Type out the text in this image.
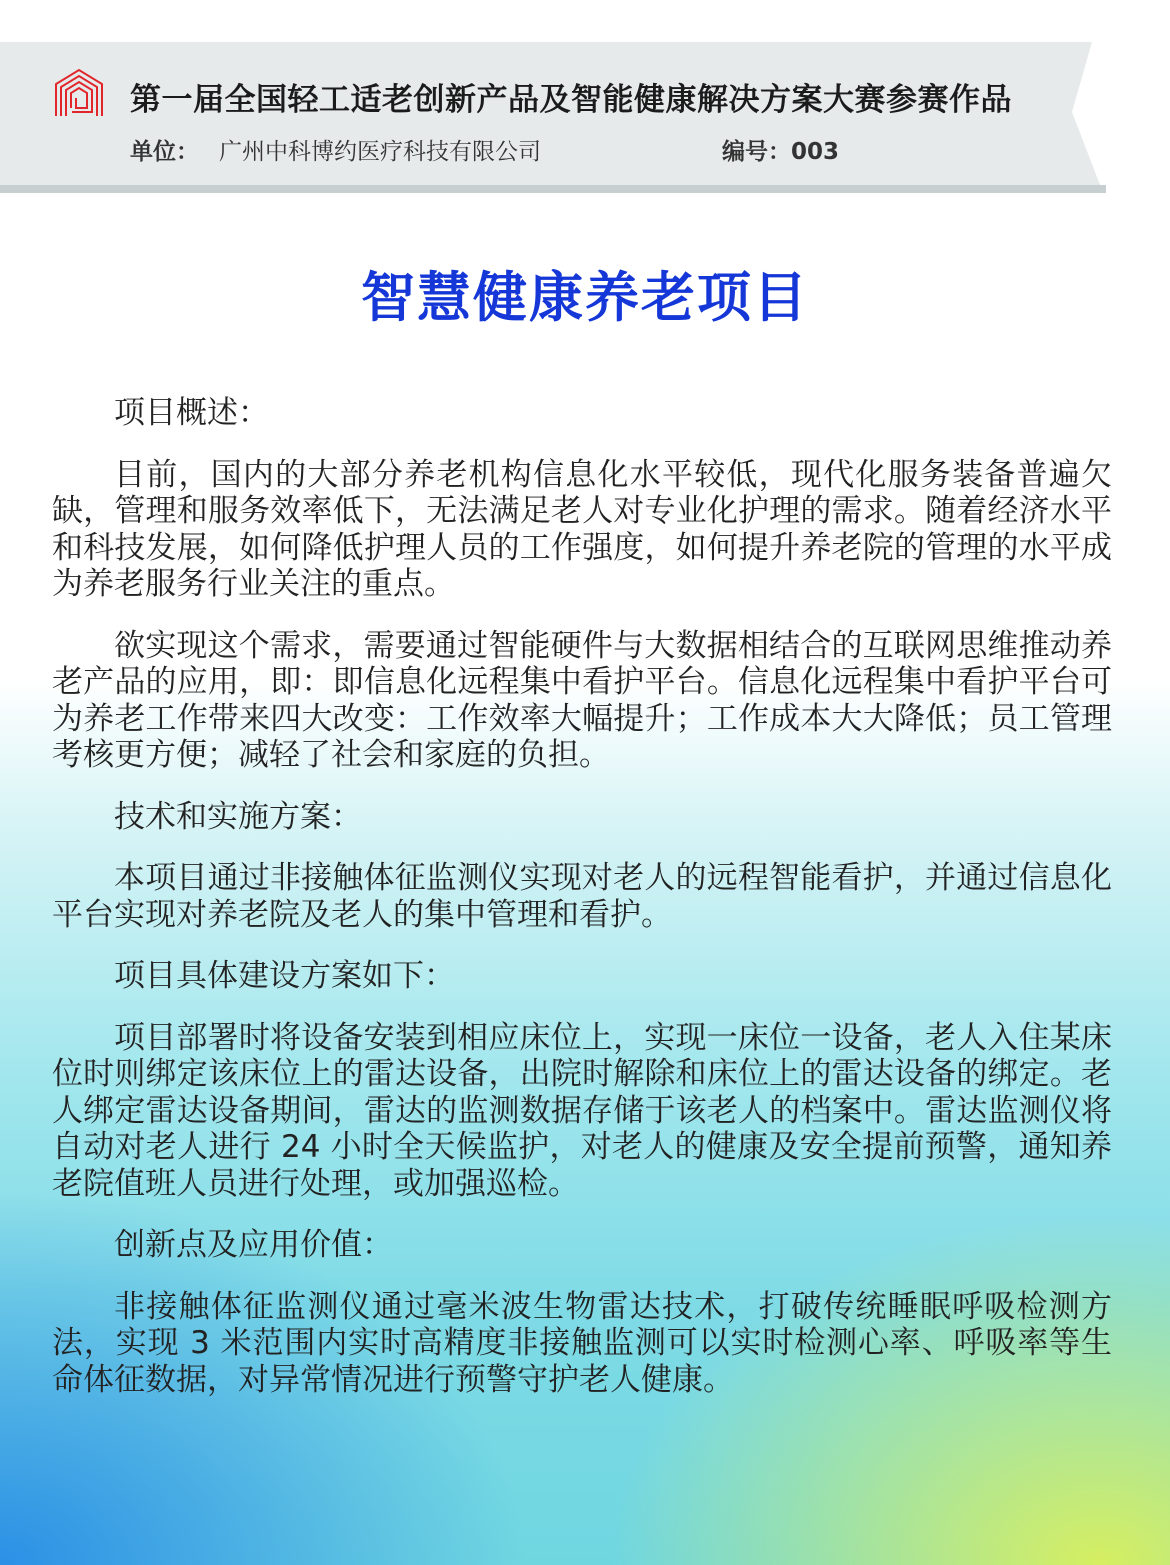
第一届全国轻工适老创新产品及智能健康解决方案大赛参赛作品
单位： 广州中科博约医疗科技有限公司	编号：003
智慧健康养老项目
项目概述：

目前，国内的大部分养老机构信息化水平较低，现代化服务装备普遍欠缺，管理和服务效率低下，无法满足老人对专业化护理的需求。随着经济水平和科技发展，如何降低护理人员的工作强度，如何提升养老院的管理的水平成为养老服务行业关注的重点。

欲实现这个需求，需要通过智能硬件与大数据相结合的互联网思维推动养老产品的应用，即：即信息化远程集中看护平台。信息化远程集中看护平台可为养老工作带来四大改变：工作效率大幅提升；工作成本大大降低；员工管理考核更方便；减轻了社会和家庭的负担。

技术和实施方案：

本项目通过非接触体征监测仪实现对老人的远程智能看护，并通过信息化平台实现对养老院及老人的集中管理和看护。

项目具体建设方案如下：

项目部署时将设备安装到相应床位上，实现一床位一设备，老人入住某床位时则绑定该床位上的雷达设备，出院时解除和床位上的雷达设备的绑定。老人绑定雷达设备期间，雷达的监测数据存储于该老人的档案中。雷达监测仪将自动对老人进行 24 小时全天候监护，对老人的健康及安全提前预警，通知养老院值班人员进行处理，或加强巡检。

创新点及应用价值：

非接触体征监测仪通过毫米波生物雷达技术，打破传统睡眠呼吸检测方法，实现 3 米范围内实时高精度非接触监测可以实时检测心率、呼吸率等生命体征数据，对异常情况进行预警守护老人健康。
